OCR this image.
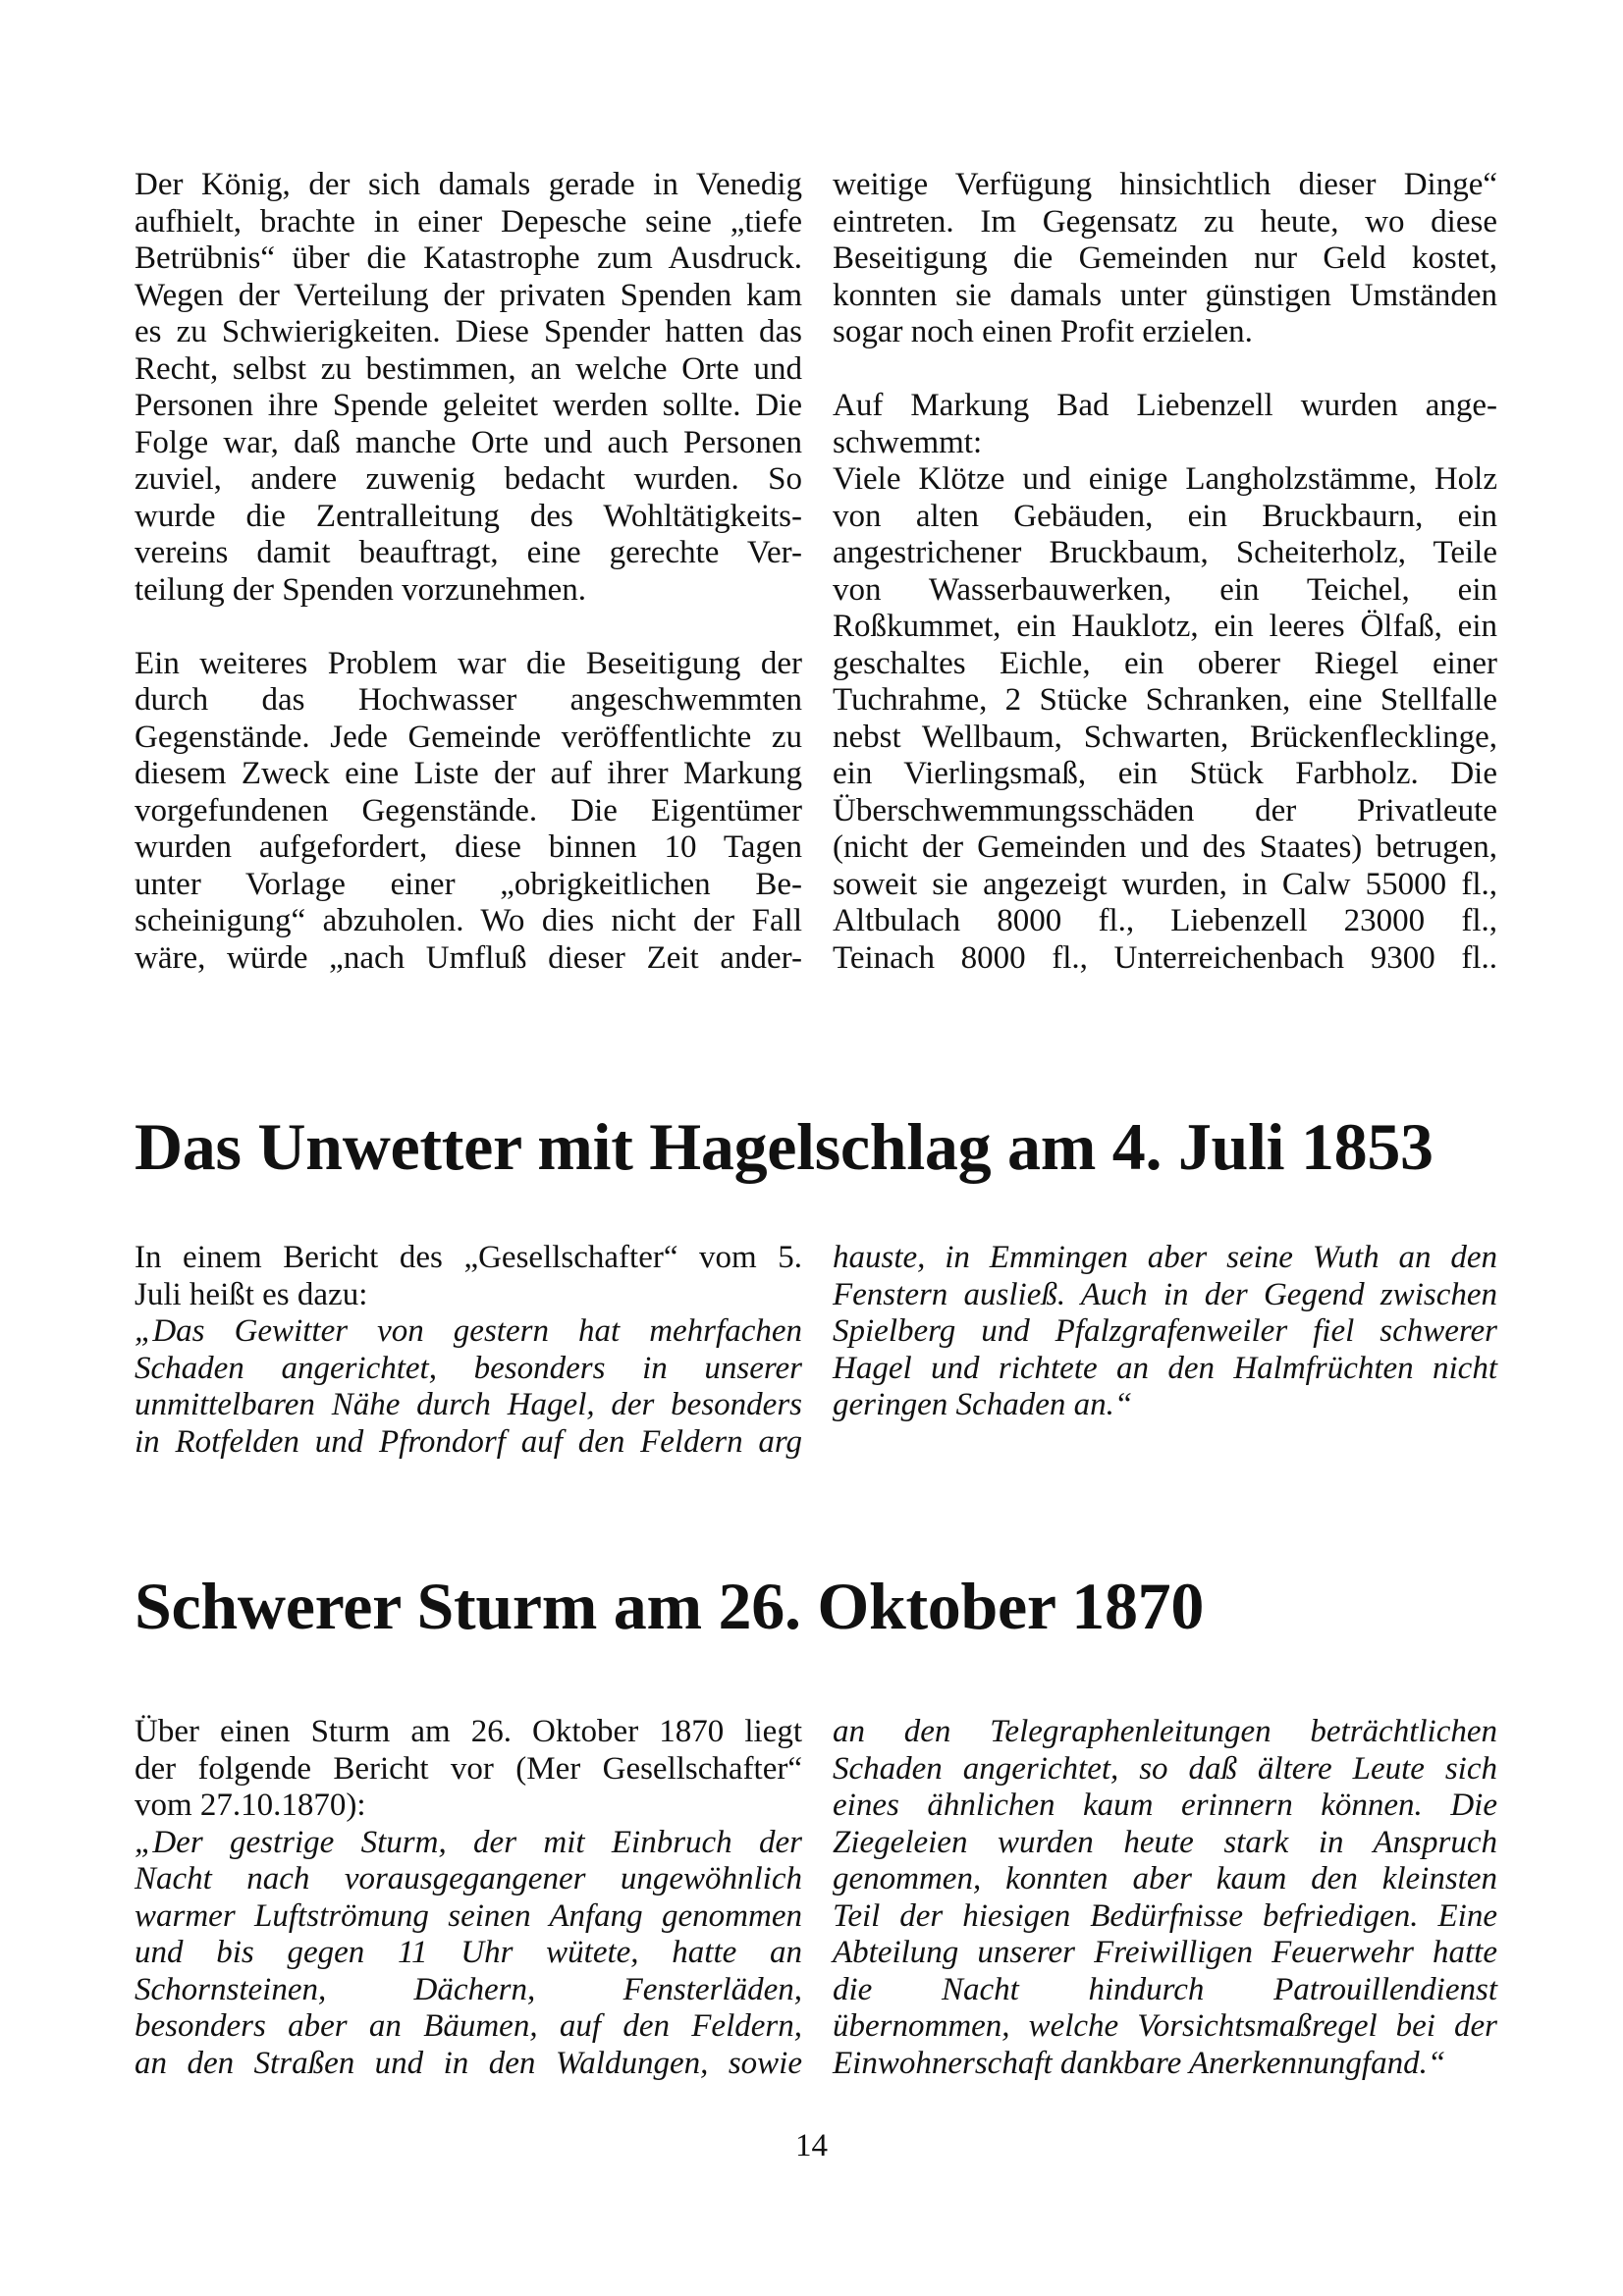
Der König, der sich damals gerade in Venedig
aufhielt, brachte in einer Depesche seine „tiefe
Betrübnis“ über die Katastrophe zum Ausdruck.
Wegen der Verteilung der privaten Spenden kam
es zu Schwierigkeiten. Diese Spender hatten das
Recht, selbst zu bestimmen, an welche Orte und
Personen ihre Spende geleitet werden sollte. Die
Folge war, daß manche Orte und auch Personen
zuviel, andere zuwenig bedacht wurden. So
wurde die Zentralleitung des Wohltätigkeits-
vereins damit beauftragt, eine gerechte Ver-
teilung der Spenden vorzunehmen.
Ein weiteres Problem war die Beseitigung der
durch das Hochwasser angeschwemmten
Gegenstände. Jede Gemeinde veröffentlichte zu
diesem Zweck eine Liste der auf ihrer Markung
vorgefundenen Gegenstände. Die Eigentümer
wurden aufgefordert, diese binnen 10 Tagen
unter Vorlage einer „obrigkeitlichen Be-
scheinigung“ abzuholen. Wo dies nicht der Fall
wäre, würde „nach Umfluß dieser Zeit ander-
weitige Verfügung hinsichtlich dieser Dinge“
eintreten. Im Gegensatz zu heute, wo diese
Beseitigung die Gemeinden nur Geld kostet,
konnten sie damals unter günstigen Umständen
sogar noch einen Profit erzielen.
Auf Markung Bad Liebenzell wurden ange-
schwemmt:
Viele Klötze und einige Langholzstämme, Holz
von alten Gebäuden, ein Bruckbaurn, ein
angestrichener Bruckbaum, Scheiterholz, Teile
von Wasserbauwerken, ein Teichel, ein
Roßkummet, ein Hauklotz, ein leeres Ölfaß, ein
geschaltes Eichle, ein oberer Riegel einer
Tuchrahme, 2 Stücke Schranken, eine Stellfalle
nebst Wellbaum, Schwarten, Brückenflecklinge,
ein Vierlingsmaß, ein Stück Farbholz. Die
Überschwemmungsschäden der Privatleute
(nicht der Gemeinden und des Staates) betrugen,
soweit sie angezeigt wurden, in Calw 55000 fl.,
Altbulach 8000 fl., Liebenzell 23000 fl.,
Teinach 8000 fl., Unterreichenbach 9300 fl..
Das Unwetter mit Hagelschlag am 4. Juli 1853
In einem Bericht des „Gesellschafter“ vom 5.
Juli heißt es dazu:
„Das Gewitter von gestern hat mehrfachen
Schaden angerichtet, besonders in unserer
unmittelbaren Nähe durch Hagel, der besonders
in Rotfelden und Pfrondorf auf den Feldern arg
hauste, in Emmingen aber seine Wuth an den
Fenstern ausließ. Auch in der Gegend zwischen
Spielberg und Pfalzgrafenweiler fiel schwerer
Hagel und richtete an den Halmfrüchten nicht
geringen Schaden an.“
Schwerer Sturm am 26. Oktober 1870
Über einen Sturm am 26. Oktober 1870 liegt
der folgende Bericht vor (Mer Gesellschafter“
vom 27.10.1870):
„Der gestrige Sturm, der mit Einbruch der
Nacht nach vorausgegangener ungewöhnlich
warmer Luftströmung seinen Anfang genommen
und bis gegen 11 Uhr wütete, hatte an
Schornsteinen, Dächern, Fensterläden,
besonders aber an Bäumen, auf den Feldern,
an den Straßen und in den Waldungen, sowie
an den Telegraphenleitungen beträchtlichen
Schaden angerichtet, so daß ältere Leute sich
eines ähnlichen kaum erinnern können. Die
Ziegeleien wurden heute stark in Anspruch
genommen, konnten aber kaum den kleinsten
Teil der hiesigen Bedürfnisse befriedigen. Eine
Abteilung unserer Freiwilligen Feuerwehr hatte
die Nacht hindurch Patrouillendienst
übernommen, welche Vorsichtsmaßregel bei der
Einwohnerschaft dankbare Anerkennungfand.“
14
